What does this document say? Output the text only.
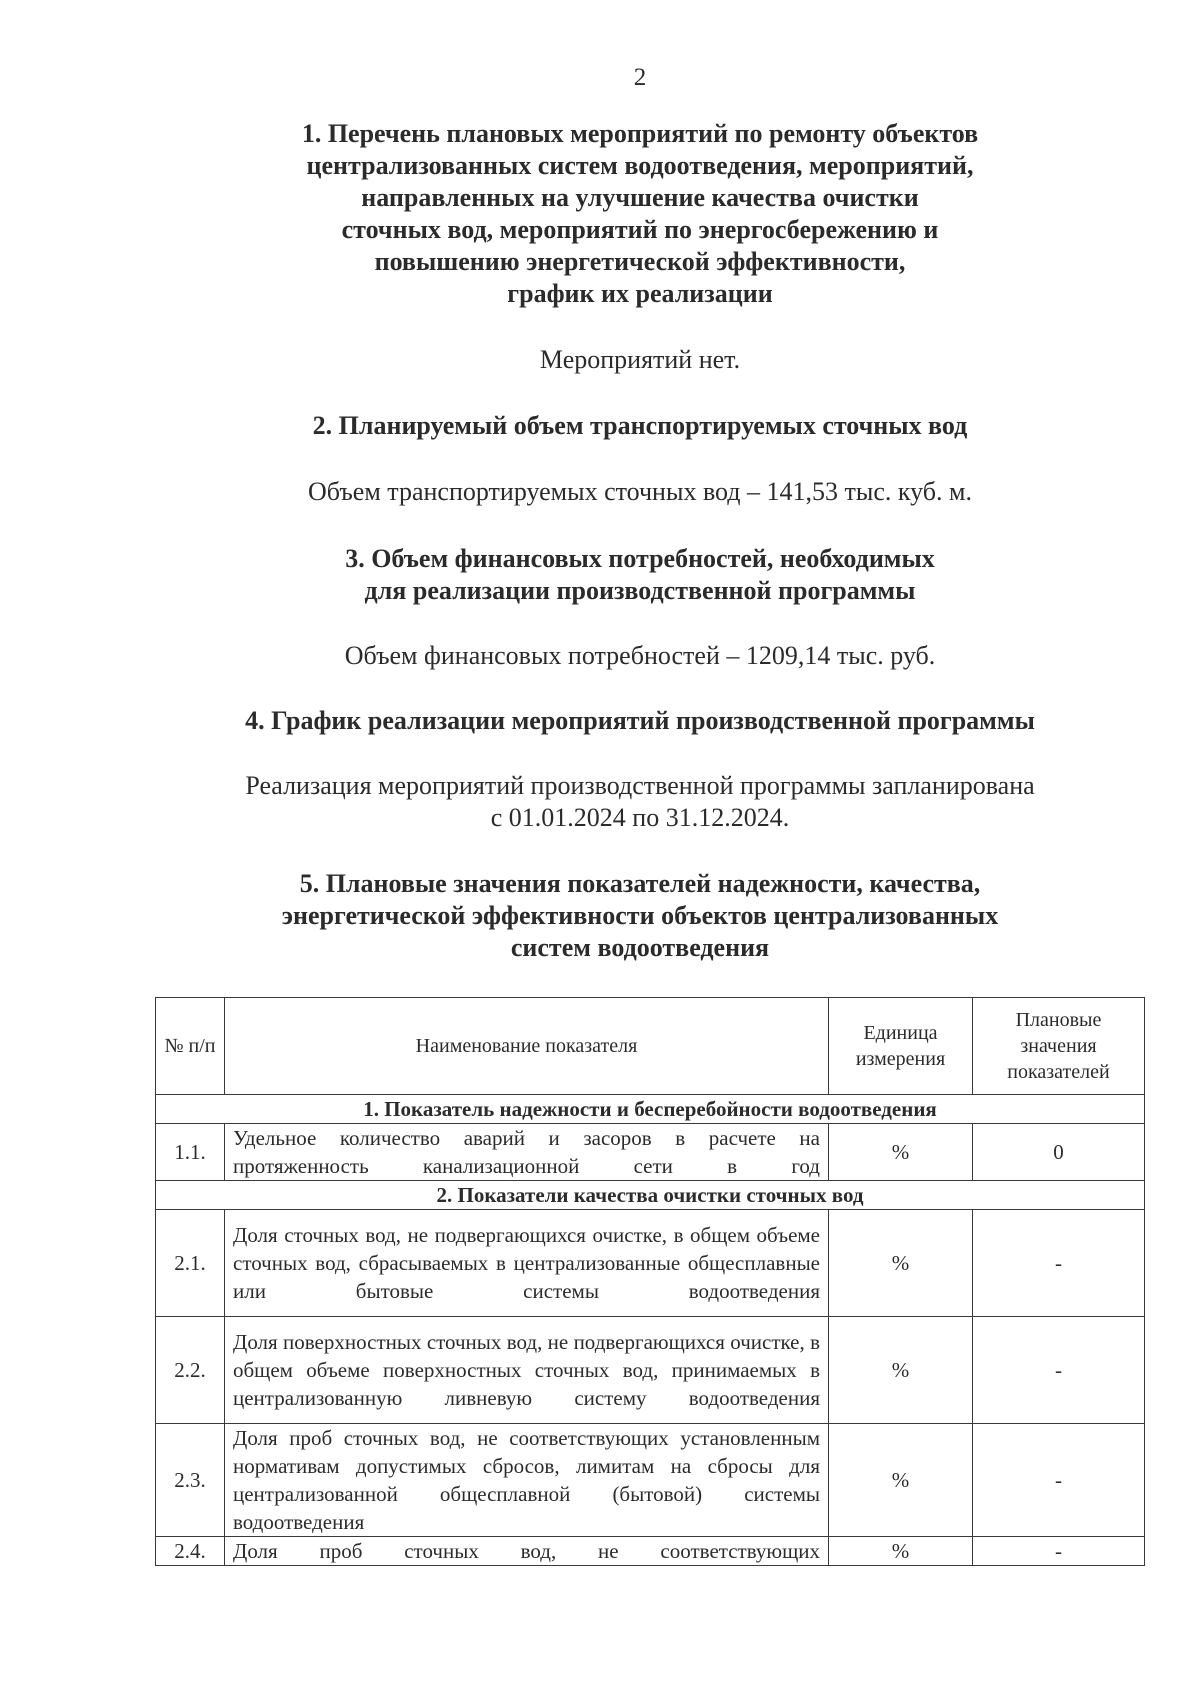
2
1. Перечень плановых мероприятий по ремонту объектов
централизованных систем водоотведения, мероприятий,
направленных на улучшение качества очистки
сточных вод, мероприятий по энергосбережению и
повышению энергетической эффективности,
график их реализации
Мероприятий нет.
2. Планируемый объем транспортируемых сточных вод
Объем транспортируемых сточных вод – 141,53 тыс. куб. м.
3. Объем финансовых потребностей, необходимых
для реализации производственной программы
Объем финансовых потребностей – 1209,14 тыс. руб.
4. График реализации мероприятий производственной программы
Реализация мероприятий производственной программы запланирована
с 01.01.2024 по 31.12.2024.
5. Плановые значения показателей надежности, качества,
энергетической эффективности объектов централизованных
систем водоотведения
№ п/п	Наименование показателя	Единица измерения	Плановые значения показателей
1. Показатель надежности и бесперебойности водоотведения			
1.1.	Удельное количество аварий и засоров в расчете на протяженность канализационной сети в год	%	0
2. Показатели качества очистки сточных вод			
2.1.	Доля сточных вод, не подвергающихся очистке, в общем объеме сточных вод, сбрасываемых в централизованные общесплавные или бытовые системы водоотведения	%	-
2.2.	Доля поверхностных сточных вод, не подвергающихся очистке, в общем объеме поверхностных сточных вод, принимаемых в централизованную ливневую систему водоотведения	%	-
2.3.	Доля проб сточных вод, не соответствующих установленным нормативам допустимых сбросов, лимитам на сбросы для централизованной общесплавной (бытовой) системы водоотведения	%	-
2.4.	Доля проб сточных вод, не соответствующих	%	-
